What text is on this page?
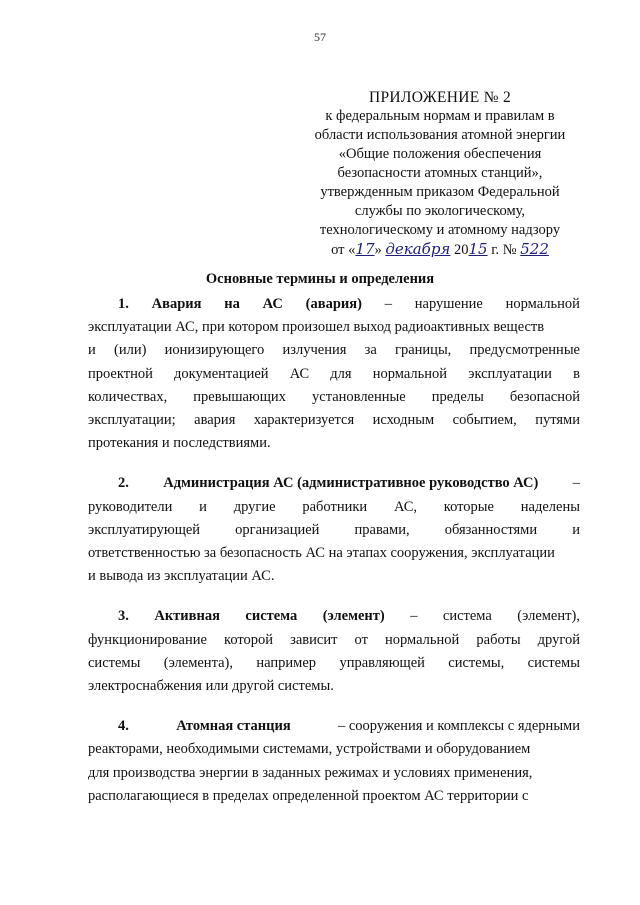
57
ПРИЛОЖЕНИЕ № 2
к федеральным нормам и правилам в
области использования атомной энергии
«Общие положения обеспечения
безопасности атомных станций»,
утвержденным приказом Федеральной
службы по экологическому,
технологическому и атомному надзору
от «17» декабря 2015 г. № 522
Основные термины и определения
1. Авария на АС (авария) – нарушение нормальной
эксплуатации АС, при котором произошел выход радиоактивных веществ
и (или) ионизирующего излучения за границы, предусмотренные
проектной документацией АС для нормальной эксплуатации в
количествах, превышающих установленные пределы безопасной
эксплуатации; авария характеризуется исходным событием, путями
протекания и последствиями.
2. Администрация АС (административное руководство АС) –
руководители и другие работники АС, которые наделены
эксплуатирующей организацией правами, обязанностями и
ответственностью за безопасность АС на этапах сооружения, эксплуатации
и вывода из эксплуатации АС.
3. Активная система (элемент) – система (элемент),
функционирование которой зависит от нормальной работы другой
системы (элемента), например управляющей системы, системы
электроснабжения или другой системы.
4.	Атомная станция	– сооружения и комплексы с ядерными
реакторами, необходимыми системами, устройствами и оборудованием
для производства энергии в заданных режимах и условиях применения,
располагающиеся в пределах определенной проектом АС территории с
